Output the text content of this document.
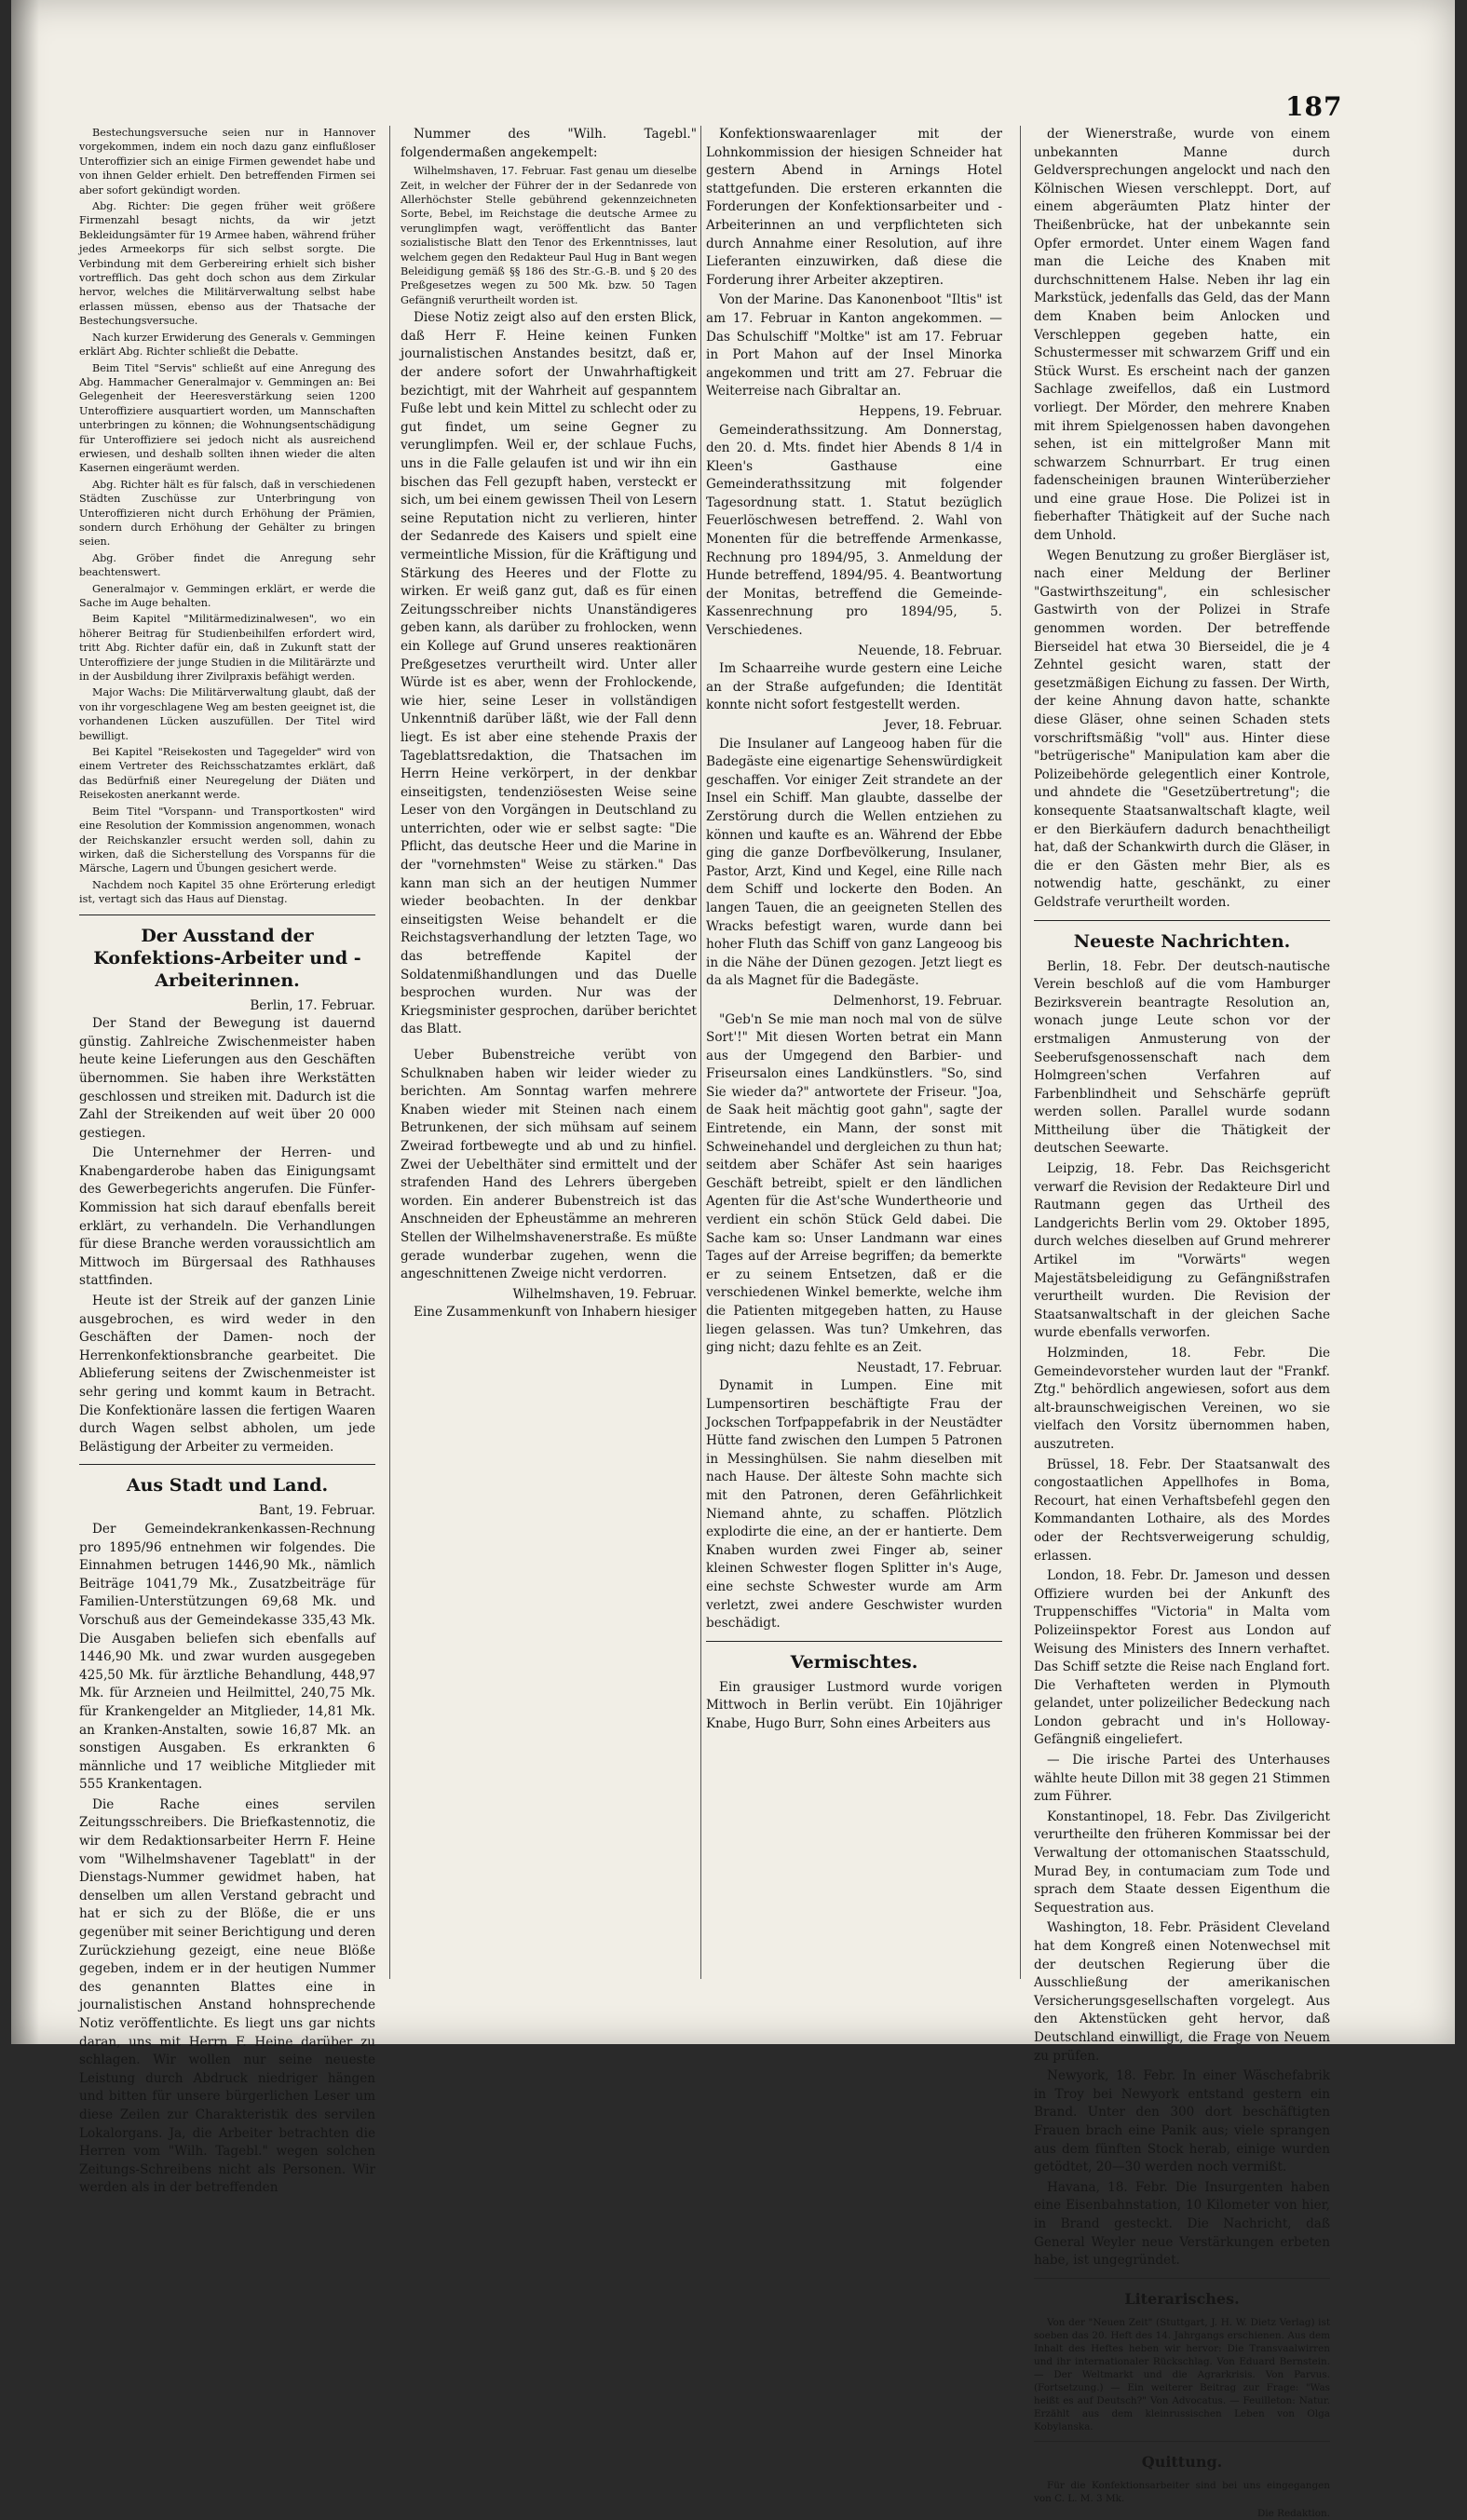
187

Bestechungsversuche seien nur in Hannover vorgekommen, indem ein noch dazu ganz einflußloser Unteroffizier sich an einige Firmen gewendet habe und von ihnen Gelder erhielt. Den betreffenden Firmen sei aber sofort gekündigt worden.

Abg. Richter: Die gegen früher weit größere Firmenzahl besagt nichts, da wir jetzt Bekleidungsämter für 19 Armee haben, während früher jedes Armeekorps für sich selbst sorgte. Die Verbindung mit dem Gerbereiring erhielt sich bisher vortrefflich. Das geht doch schon aus dem Zirkular hervor, welches die Militärverwaltung selbst habe erlassen müssen, ebenso aus der Thatsache der Bestechungsversuche.

Nach kurzer Erwiderung des Generals v. Gemmingen erklärt Abg. Richter schließt die Debatte.

Beim Titel "Servis" schließt auf eine Anregung des Abg. Hammacher Generalmajor v. Gemmingen an: Bei Gelegenheit der Heeresverstärkung seien 1200 Unteroffiziere ausquartiert worden, um Mannschaften unterbringen zu können; die Wohnungsentschädigung für Unteroffiziere sei jedoch nicht als ausreichend erwiesen, und deshalb sollten ihnen wieder die alten Kasernen eingeräumt werden.

Abg. Richter hält es für falsch, daß in verschiedenen Städten Zuschüsse zur Unterbringung von Unteroffizieren nicht durch Erhöhung der Prämien, sondern durch Erhöhung der Gehälter zu bringen seien.

Abg. Gröber findet die Anregung sehr beachtenswert.

Generalmajor v. Gemmingen erklärt, er werde die Sache im Auge behalten.

Beim Kapitel "Militärmedizinalwesen", wo ein höherer Beitrag für Studienbeihilfen erfordert wird, tritt Abg. Richter dafür ein, daß in Zukunft statt der Unteroffiziere der junge Studien in die Militärärzte und in der Ausbildung ihrer Zivilpraxis befähigt werden.

Major Wachs: Die Militärverwaltung glaubt, daß der von ihr vorgeschlagene Weg am besten geeignet ist, die vorhandenen Lücken auszufüllen. Der Titel wird bewilligt.

Bei Kapitel "Reisekosten und Tagegelder" wird von einem Vertreter des Reichsschatzamtes erklärt, daß das Bedürfniß einer Neuregelung der Diäten und Reisekosten anerkannt werde.

Beim Titel "Vorspann- und Transportkosten" wird eine Resolution der Kommission angenommen, wonach der Reichskanzler ersucht werden soll, dahin zu wirken, daß die Sicherstellung des Vorspanns für die Märsche, Lagern und Übungen gesichert werde.

Nachdem noch Kapitel 35 ohne Erörterung erledigt ist, vertagt sich das Haus auf Dienstag.

Der Ausstand der Konfektions-Arbeiter und -Arbeiterinnen.
Berlin, 17. Februar.

Der Stand der Bewegung ist dauernd günstig. Zahlreiche Zwischenmeister haben heute keine Lieferungen aus den Geschäften übernommen. Sie haben ihre Werkstätten geschlossen und streiken mit. Dadurch ist die Zahl der Streikenden auf weit über 20 000 gestiegen.

Die Unternehmer der Herren- und Knabengarderobe haben das Einigungsamt des Gewerbegerichts angerufen. Die Fünfer-Kommission hat sich darauf ebenfalls bereit erklärt, zu verhandeln. Die Verhandlungen für diese Branche werden voraussichtlich am Mittwoch im Bürgersaal des Rathhauses stattfinden.

Heute ist der Streik auf der ganzen Linie ausgebrochen, es wird weder in den Geschäften der Damen- noch der Herrenkonfektionsbranche gearbeitet. Die Ablieferung seitens der Zwischenmeister ist sehr gering und kommt kaum in Betracht. Die Konfektionäre lassen die fertigen Waaren durch Wagen selbst abholen, um jede Belästigung der Arbeiter zu vermeiden.

Aus Stadt und Land.
Bant, 19. Februar.

Der Gemeindekrankenkassen-Rechnung pro 1895/96 entnehmen wir folgendes. Die Einnahmen betrugen 1446,90 Mk., nämlich Beiträge 1041,79 Mk., Zusatzbeiträge für Familien-Unterstützungen 69,68 Mk. und Vorschuß aus der Gemeindekasse 335,43 Mk. Die Ausgaben beliefen sich ebenfalls auf 1446,90 Mk. und zwar wurden ausgegeben 425,50 Mk. für ärztliche Behandlung, 448,97 Mk. für Arzneien und Heilmittel, 240,75 Mk. für Krankengelder an Mitglieder, 14,81 Mk. an Kranken-Anstalten, sowie 16,87 Mk. an sonstigen Ausgaben. Es erkrankten 6 männliche und 17 weibliche Mitglieder mit 555 Krankentagen.

Die Rache eines servilen Zeitungsschreibers. Die Briefkastennotiz, die wir dem Redaktionsarbeiter Herrn F. Heine vom "Wilhelmshavener Tageblatt" in der Dienstags-Nummer gewidmet haben, hat denselben um allen Verstand gebracht und hat er sich zu der Blöße, die er uns gegenüber mit seiner Berichtigung und deren Zurückziehung gezeigt, eine neue Blöße gegeben, indem er in der heutigen Nummer des genannten Blattes eine in journalistischen Anstand hohnsprechende Notiz veröffentlichte. Es liegt uns gar nichts daran, uns mit Herrn F. Heine darüber zu schlagen. Wir wollen nur seine neueste Leistung durch Abdruck niedriger hängen und bitten für unsere bürgerlichen Leser um diese Zeilen zur Charakteristik des servilen Lokalorgans. Ja, die Arbeiter betrachten die Herren vom "Wilh. Tagebl." wegen solchen Zeitungs-Schreibens nicht als Personen. Wir werden als in der betreffenden

Nummer des "Wilh. Tagebl." folgendermaßen angekempelt:

Wilhelmshaven, 17. Februar. Fast genau um dieselbe Zeit, in welcher der Führer der in der Sedanrede von Allerhöchster Stelle gebührend gekennzeichneten Sorte, Bebel, im Reichstage die deutsche Armee zu verunglimpfen wagt, veröffentlicht das Banter sozialistische Blatt den Tenor des Erkenntnisses, laut welchem gegen den Redakteur Paul Hug in Bant wegen Beleidigung gemäß §§ 186 des Str.-G.-B. und § 20 des Preßgesetzes wegen zu 500 Mk. bzw. 50 Tagen Gefängniß verurtheilt worden ist.

Diese Notiz zeigt also auf den ersten Blick, daß Herr F. Heine keinen Funken journalistischen Anstandes besitzt, daß er, der andere sofort der Unwahrhaftigkeit bezichtigt, mit der Wahrheit auf gespanntem Fuße lebt und kein Mittel zu schlecht oder zu gut findet, um seine Gegner zu verunglimpfen. Weil er, der schlaue Fuchs, uns in die Falle gelaufen ist und wir ihn ein bischen das Fell gezupft haben, versteckt er sich, um bei einem gewissen Theil von Lesern seine Reputation nicht zu verlieren, hinter der Sedanrede des Kaisers und spielt eine vermeintliche Mission, für die Kräftigung und Stärkung des Heeres und der Flotte zu wirken. Er weiß ganz gut, daß es für einen Zeitungsschreiber nichts Unanständigeres geben kann, als darüber zu frohlocken, wenn ein Kollege auf Grund unseres reaktionären Preßgesetzes verurtheilt wird. Unter aller Würde ist es aber, wenn der Frohlockende, wie hier, seine Leser in vollständigen Unkenntniß darüber läßt, wie der Fall denn liegt. Es ist aber eine stehende Praxis der Tageblattsredaktion, die Thatsachen im Herrn Heine verkörpert, in der denkbar einseitigsten, tendenziösesten Weise seine Leser von den Vorgängen in Deutschland zu unterrichten, oder wie er selbst sagte: "Die Pflicht, das deutsche Heer und die Marine in der "vornehmsten" Weise zu stärken." Das kann man sich an der heutigen Nummer wieder beobachten. In der denkbar einseitigsten Weise behandelt er die Reichstagsverhandlung der letzten Tage, wo das betreffende Kapitel der Soldatenmißhandlungen und das Duelle besprochen wurden. Nur was der Kriegsminister gesprochen, darüber berichtet das Blatt.

Ueber Bubenstreiche verübt von Schulknaben haben wir leider wieder zu berichten. Am Sonntag warfen mehrere Knaben wieder mit Steinen nach einem Betrunkenen, der sich mühsam auf seinem Zweirad fortbewegte und ab und zu hinfiel. Zwei der Uebelthäter sind ermittelt und der strafenden Hand des Lehrers übergeben worden. Ein anderer Bubenstreich ist das Anschneiden der Epheustämme an mehreren Stellen der Wilhelmshavenerstraße. Es müßte gerade wunderbar zugehen, wenn die angeschnittenen Zweige nicht verdorren.

Wilhelmshaven, 19. Februar.

Eine Zusammenkunft von Inhabern hiesiger

Konfektionswaarenlager mit der Lohnkommission der hiesigen Schneider hat gestern Abend in Arnings Hotel stattgefunden. Die ersteren erkannten die Forderungen der Konfektionsarbeiter und -Arbeiterinnen an und verpflichteten sich durch Annahme einer Resolution, auf ihre Lieferanten einzuwirken, daß diese die Forderung ihrer Arbeiter akzeptiren.

Von der Marine. Das Kanonenboot "Iltis" ist am 17. Februar in Kanton angekommen. — Das Schulschiff "Moltke" ist am 17. Februar in Port Mahon auf der Insel Minorka angekommen und tritt am 27. Februar die Weiterreise nach Gibraltar an.

Heppens, 19. Februar.

Gemeinderathssitzung. Am Donnerstag, den 20. d. Mts. findet hier Abends 8 1/4 in Kleen's Gasthause eine Gemeinderathssitzung mit folgender Tagesordnung statt. 1. Statut bezüglich Feuerlöschwesen betreffend. 2. Wahl von Monenten für die betreffende Armenkasse, Rechnung pro 1894/95, 3. Anmeldung der Hunde betreffend, 1894/95. 4. Beantwortung der Monitas, betreffend die Gemeinde-Kassenrechnung pro 1894/95, 5. Verschiedenes.

Neuende, 18. Februar.

Im Schaarreihe wurde gestern eine Leiche an der Straße aufgefunden; die Identität konnte nicht sofort festgestellt werden.

Jever, 18. Februar.

Die Insulaner auf Langeoog haben für die Badegäste eine eigenartige Sehenswürdigkeit geschaffen. Vor einiger Zeit strandete an der Insel ein Schiff. Man glaubte, dasselbe der Zerstörung durch die Wellen entziehen zu können und kaufte es an. Während der Ebbe ging die ganze Dorfbevölkerung, Insulaner, Pastor, Arzt, Kind und Kegel, eine Rille nach dem Schiff und lockerte den Boden. An langen Tauen, die an geeigneten Stellen des Wracks befestigt waren, wurde dann bei hoher Fluth das Schiff von ganz Langeoog bis in die Nähe der Dünen gezogen. Jetzt liegt es da als Magnet für die Badegäste.

Delmenhorst, 19. Februar.

"Geb'n Se mie man noch mal von de sülve Sort'!" Mit diesen Worten betrat ein Mann aus der Umgegend den Barbier- und Friseursalon eines Landkünstlers. "So, sind Sie wieder da?" antwortete der Friseur. "Joa, de Saak heit mächtig goot gahn", sagte der Eintretende, ein Mann, der sonst mit Schweinehandel und dergleichen zu thun hat; seitdem aber Schäfer Ast sein haariges Geschäft betreibt, spielt er den ländlichen Agenten für die Ast'sche Wundertheorie und verdient ein schön Stück Geld dabei. Die Sache kam so: Unser Landmann war eines Tages auf der Arreise begriffen; da bemerkte er zu seinem Entsetzen, daß er die verschiedenen Winkel bemerkte, welche ihm die Patienten mitgegeben hatten, zu Hause liegen gelassen. Was tun? Umkehren, das ging nicht; dazu fehlte es an Zeit.

Neustadt, 17. Februar.

Dynamit in Lumpen. Eine mit Lumpensortiren beschäftigte Frau der Jockschen Torfpappefabrik in der Neustädter Hütte fand zwischen den Lumpen 5 Patronen in Messinghülsen. Sie nahm dieselben mit nach Hause. Der älteste Sohn machte sich mit den Patronen, deren Gefährlichkeit Niemand ahnte, zu schaffen. Plötzlich explodirte die eine, an der er hantierte. Dem Knaben wurden zwei Finger ab, seiner kleinen Schwester flogen Splitter in's Auge, eine sechste Schwester wurde am Arm verletzt, zwei andere Geschwister wurden beschädigt.

Vermischtes.

Ein grausiger Lustmord wurde vorigen Mittwoch in Berlin verübt. Ein 10jähriger Knabe, Hugo Burr, Sohn eines Arbeiters aus

der Wienerstraße, wurde von einem unbekannten Manne durch Geldversprechungen angelockt und nach den Kölnischen Wiesen verschleppt. Dort, auf einem abgeräumten Platz hinter der Theißenbrücke, hat der unbekannte sein Opfer ermordet. Unter einem Wagen fand man die Leiche des Knaben mit durchschnittenem Halse. Neben ihr lag ein Markstück, jedenfalls das Geld, das der Mann dem Knaben beim Anlocken und Verschleppen gegeben hatte, ein Schustermesser mit schwarzem Griff und ein Stück Wurst. Es erscheint nach der ganzen Sachlage zweifellos, daß ein Lustmord vorliegt. Der Mörder, den mehrere Knaben mit ihrem Spielgenossen haben davongehen sehen, ist ein mittelgroßer Mann mit schwarzem Schnurrbart. Er trug einen fadenscheinigen braunen Winterüberzieher und eine graue Hose. Die Polizei ist in fieberhafter Thätigkeit auf der Suche nach dem Unhold.

Wegen Benutzung zu großer Biergläser ist, nach einer Meldung der Berliner "Gastwirthszeitung", ein schlesischer Gastwirth von der Polizei in Strafe genommen worden. Der betreffende Bierseidel hat etwa 30 Bierseidel, die je 4 Zehntel gesicht waren, statt der gesetzmäßigen Eichung zu fassen. Der Wirth, der keine Ahnung davon hatte, schankte diese Gläser, ohne seinen Schaden stets vorschriftsmäßig "voll" aus. Hinter diese "betrügerische" Manipulation kam aber die Polizeibehörde gelegentlich einer Kontrole, und ahndete die "Gesetzübertretung"; die konsequente Staatsanwaltschaft klagte, weil er den Bierkäufern dadurch benachtheiligt hat, daß der Schankwirth durch die Gläser, in die er den Gästen mehr Bier, als es notwendig hatte, geschänkt, zu einer Geldstrafe verurtheilt worden.

Neueste Nachrichten.

Berlin, 18. Febr. Der deutsch-nautische Verein beschloß auf die vom Hamburger Bezirksverein beantragte Resolution an, wonach junge Leute schon vor der erstmaligen Anmusterung von der Seeberufsgenossenschaft nach dem Holmgreen'schen Verfahren auf Farbenblindheit und Sehschärfe geprüft werden sollen. Parallel wurde sodann Mittheilung über die Thätigkeit der deutschen Seewarte.

Leipzig, 18. Febr. Das Reichsgericht verwarf die Revision der Redakteure Dirl und Rautmann gegen das Urtheil des Landgerichts Berlin vom 29. Oktober 1895, durch welches dieselben auf Grund mehrerer Artikel im "Vorwärts" wegen Majestätsbeleidigung zu Gefängnißstrafen verurtheilt wurden. Die Revision der Staatsanwaltschaft in der gleichen Sache wurde ebenfalls verworfen.

Holzminden, 18. Febr. Die Gemeindevorsteher wurden laut der "Frankf. Ztg." behördlich angewiesen, sofort aus dem alt-braunschweigischen Vereinen, wo sie vielfach den Vorsitz übernommen haben, auszutreten.

Brüssel, 18. Febr. Der Staatsanwalt des congostaatlichen Appellhofes in Boma, Recourt, hat einen Verhaftsbefehl gegen den Kommandanten Lothaire, als des Mordes oder der Rechtsverweigerung schuldig, erlassen.

London, 18. Febr. Dr. Jameson und dessen Offiziere wurden bei der Ankunft des Truppenschiffes "Victoria" in Malta vom Polizeiinspektor Forest aus London auf Weisung des Ministers des Innern verhaftet. Das Schiff setzte die Reise nach England fort. Die Verhafteten werden in Plymouth gelandet, unter polizeilicher Bedeckung nach London gebracht und in's Holloway-Gefängniß eingeliefert.

— Die irische Partei des Unterhauses wählte heute Dillon mit 38 gegen 21 Stimmen zum Führer.

Konstantinopel, 18. Febr. Das Zivilgericht verurtheilte den früheren Kommissar bei der Verwaltung der ottomanischen Staatsschuld, Murad Bey, in contumaciam zum Tode und sprach dem Staate dessen Eigenthum die Sequestration aus.

Washington, 18. Febr. Präsident Cleveland hat dem Kongreß einen Notenwechsel mit der deutschen Regierung über die Ausschließung der amerikanischen Versicherungsgesellschaften vorgelegt. Aus den Aktenstücken geht hervor, daß Deutschland einwilligt, die Frage von Neuem zu prüfen.

Newyork, 18. Febr. In einer Wäschefabrik in Troy bei Newyork entstand gestern ein Brand. Unter den 300 dort beschäftigten Frauen brach eine Panik aus; viele sprangen aus dem fünften Stock herab, einige wurden getödtet, 20—30 werden noch vermißt.

Havana, 18. Febr. Die Insurgenten haben eine Eisenbahnstation, 10 Kilometer von hier, in Brand gesteckt. Die Nachricht, daß General Weyler neue Verstärkungen erbeten habe, ist ungegründet.

Literarisches.

Von der "Neuen Zeit" (Stuttgart, J. H. W. Dietz Verlag) ist soeben das 20. Heft des 14. Jahrgangs erschienen. Aus dem Inhalt des Heftes heben wir hervor: Die Transvaalwirren und ihr internationaler Rückschlag. Von Eduard Bernstein. — Der Weltmarkt und die Agrarkrisis. Von Parvus. (Fortsetzung.) — Ein weiterer Beitrag zur Frage: "Was heißt es auf Deutsch?" Von Advocatus. — Feuilleton: Natur. Erzählt aus dem kleinrussischen Leben von Olga Kobylanska.

Quittung.

Für die Konfektionsarbeiter sind bei uns eingegangen von C. L. M. 3 Mk.

Die Redaktion.
